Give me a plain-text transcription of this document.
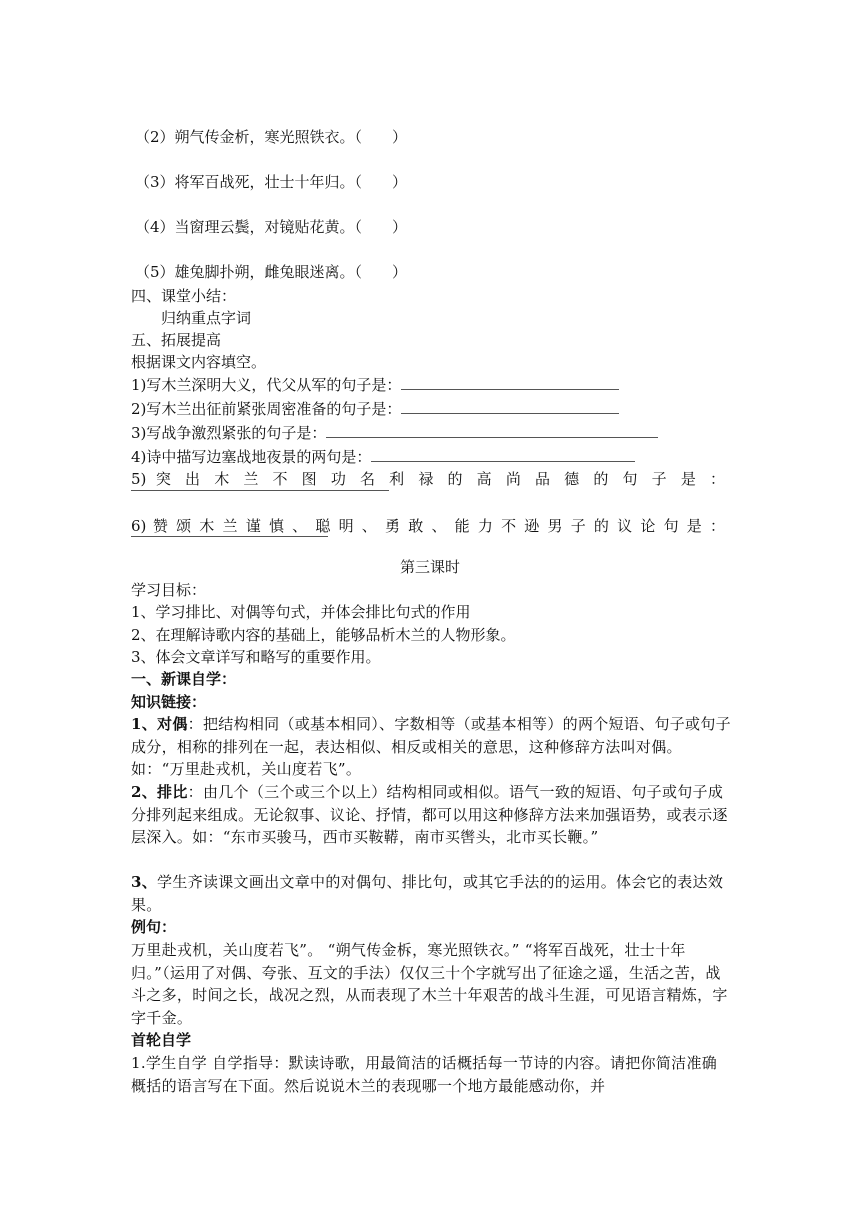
（2）朔气传金析，寒光照铁衣。（　　）
（3）将军百战死，壮士十年归。（　　）
（4）当窗理云鬓，对镜贴花黄。（　　）
（5）雄兔脚扑朔，雌兔眼迷离。（　　）
四、课堂小结：
归纳重点字词
五、拓展提高
根据课文内容填空。
1)写木兰深明大义，代父从军的句子是：
2)写木兰出征前紧张周密准备的句子是：
3)写战争激烈紧张的句子是：
4)诗中描写边塞战地夜景的两句是：
5) 突 出 木 兰 不 图 功 名 利 禄 的 高 尚 品 德 的 句 子 是 ：
6) 赞 颂 木 兰 谨 慎 、 聪 明 、 勇 敢 、 能 力 不 逊 男 子 的 议 论 句 是 ：
第三课时
学习目标：
1、学习排比、对偶等句式，并体会排比句式的作用
2、在理解诗歌内容的基础上，能够品析木兰的人物形象。
3、体会文章详写和略写的重要作用。
一、新课自学：
知识链接：
1、对偶：把结构相同（或基本相同）、字数相等（或基本相等）的两个短语、句子或句子成分，相称的排列在一起，表达相似、相反或相关的意思，这种修辞方法叫对偶。如：“万里赴戎机，关山度若飞”。
2、排比：由几个（三个或三个以上）结构相同或相似。语气一致的短语、句子或句子成分排列起来组成。无论叙事、议论、抒情，都可以用这种修辞方法来加强语势，或表示逐层深入。如：“东市买骏马，西市买鞍鞯，南市买辔头，北市买长鞭。”
3、学生齐读课文画出文章中的对偶句、排比句，或其它手法的的运用。体会它的表达效果。
例句：
万里赴戎机，关山度若飞”。 “朔气传金柝，寒光照铁衣。” “将军百战死，壮士十年归。”（运用了对偶、夸张、互文的手法）仅仅三十个字就写出了征途之遥，生活之苦，战斗之多，时间之长，战况之烈，从而表现了木兰十年艰苦的战斗生涯，可见语言精炼，字字千金。
首轮自学
1.学生自学 自学指导：默读诗歌，用最简洁的话概括每一节诗的内容。请把你简洁准确概括的语言写在下面。然后说说木兰的表现哪一个地方最能感动你，并
